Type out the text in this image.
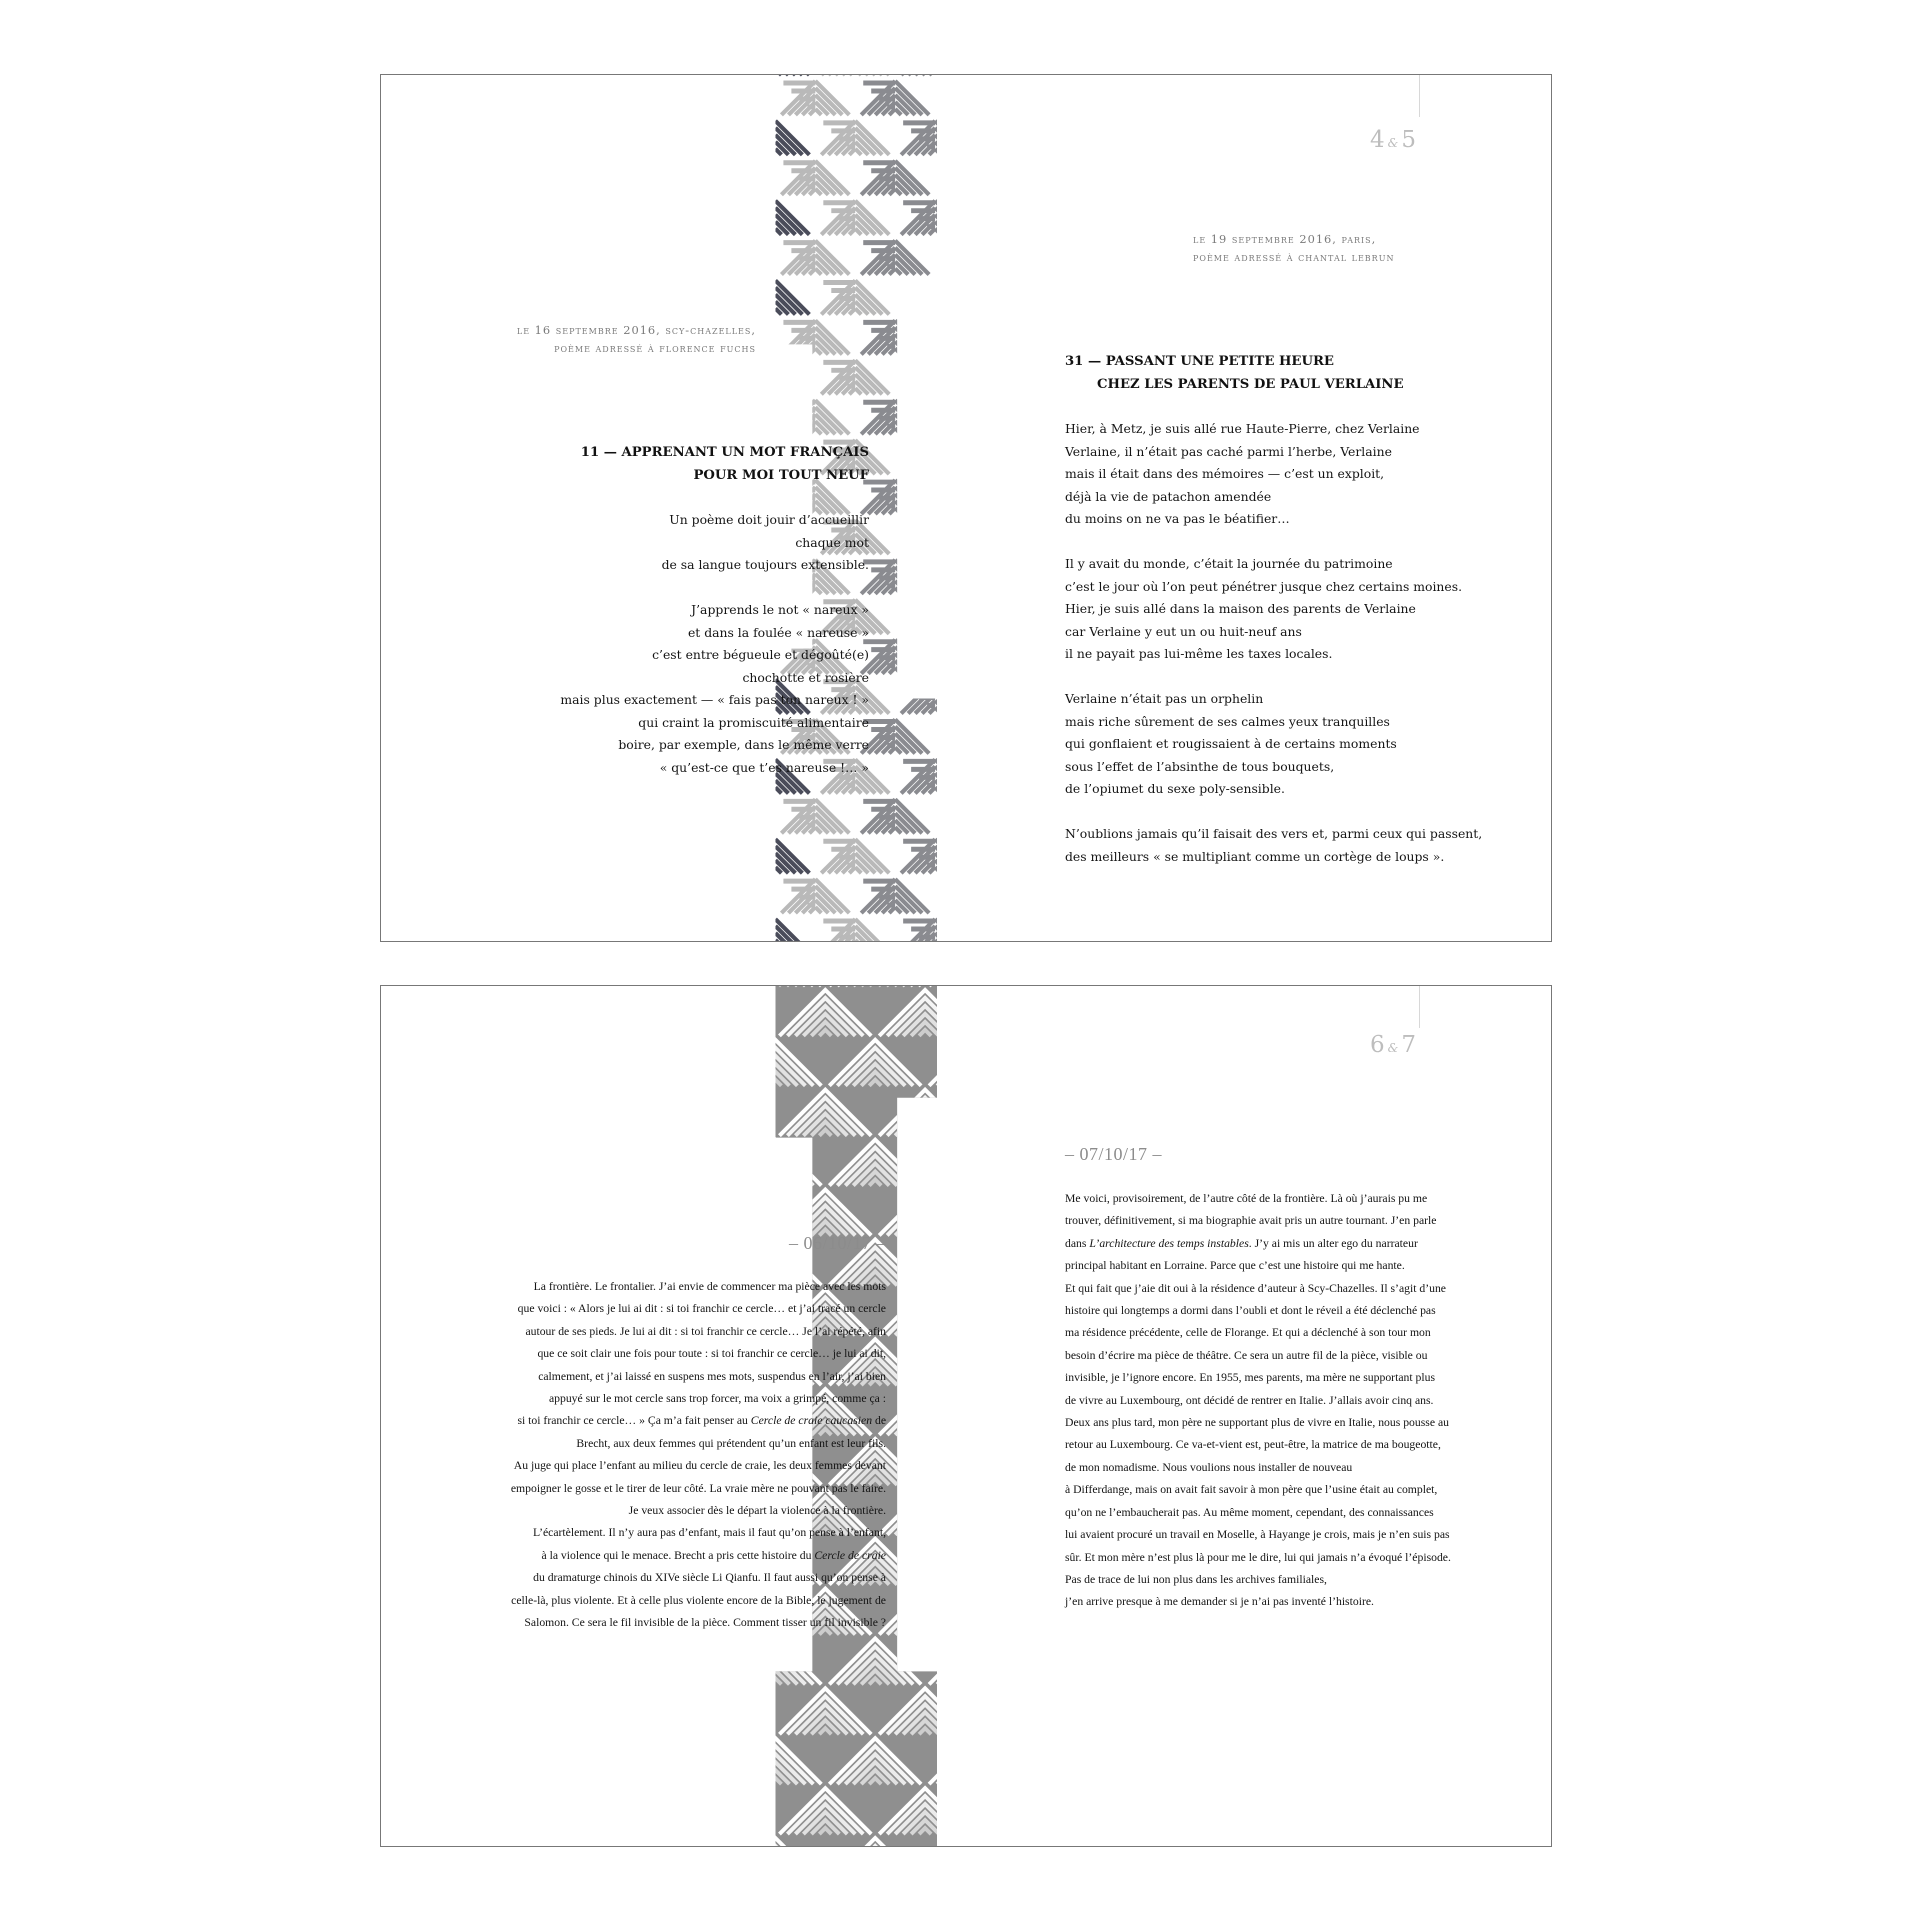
4 & 5
le 16 septembre 2016, scy-chazelles,
poème adressé à florence fuchs
11 — APPRENANT UN MOT FRANÇAIS
POUR MOI TOUT NEUF
Un poème doit jouir d’accueillir
chaque mot
de sa langue toujours extensible.

J’apprends le not « nareux »
et dans la foulée « nareuse »
c’est entre bégueule et dégoûté(e)
chochotte et rosière
mais plus exactement — « fais pas ton nareux ! »
qui craint la promiscuité alimentaire
boire, par exemple, dans le même verre
« qu’est-ce que t’es nareuse !… »
le 19 septembre 2016, paris,
poème adressé à chantal lebrun
31 — PASSANT UNE PETITE HEURE
CHEZ LES PARENTS DE PAUL VERLAINE
Hier, à Metz, je suis allé rue Haute-Pierre, chez Verlaine
Verlaine, il n’était pas caché parmi l’herbe, Verlaine
mais il était dans des mémoires — c’est un exploit,
déjà la vie de patachon amendée
du moins on ne va pas le béatifier…

Il y avait du monde, c’était la journée du patrimoine
c’est le jour où l’on peut pénétrer jusque chez certains moines.
Hier, je suis allé dans la maison des parents de Verlaine
car Verlaine y eut un ou huit-neuf ans
il ne payait pas lui-même les taxes locales.

Verlaine n’était pas un orphelin
mais riche sûrement de ses calmes yeux tranquilles
qui gonflaient et rougissaient à de certains moments
sous l’effet de l’absinthe de tous bouquets,
de l’opiumet du sexe poly-sensible.

N’oublions jamais qu’il faisait des vers et, parmi ceux qui passent,
des meilleurs « se multipliant comme un cortège de loups ».
6 & 7
– 06/10/17 –
La frontière. Le frontalier. J’ai envie de commencer ma pièce avec les mots
que voici : « Alors je lui ai dit : si toi franchir ce cercle… et j’ai tracé un cercle
autour de ses pieds. Je lui ai dit : si toi franchir ce cercle… Je l’ai répété, afin
que ce soit clair une fois pour toute : si toi franchir ce cercle… je lui ai dit,
calmement, et j’ai laissé en suspens mes mots, suspendus en l’air, j’ai bien
appuyé sur le mot cercle sans trop forcer, ma voix a grimpé, comme ça :
si toi franchir ce cercle… » Ça m’a fait penser au Cercle de craie caucasien de
Brecht, aux deux femmes qui prétendent qu’un enfant est leur fils.
Au juge qui place l’enfant au milieu du cercle de craie, les deux femmes devant
empoigner le gosse et le tirer de leur côté. La vraie mère ne pouvant pas le faire.
Je veux associer dès le départ la violence à la frontière.
L’écartèlement. Il n’y aura pas d’enfant, mais il faut qu’on pense à l’enfant,
à la violence qui le menace. Brecht a pris cette histoire du Cercle de craie
du dramaturge chinois du XIVe siècle Li Qianfu. Il faut aussi qu’on pense à
celle-là, plus violente. Et à celle plus violente encore de la Bible, le jugement de
Salomon. Ce sera le fil invisible de la pièce. Comment tisser un fil invisible ?
– 07/10/17 –
Me voici, provisoirement, de l’autre côté de la frontière. Là où j’aurais pu me
trouver, définitivement, si ma biographie avait pris un autre tournant. J’en parle
dans L’architecture des temps instables. J’y ai mis un alter ego du narrateur
principal habitant en Lorraine. Parce que c’est une histoire qui me hante.
Et qui fait que j’aie dit oui à la résidence d’auteur à Scy-Chazelles. Il s’agit d’une
histoire qui longtemps a dormi dans l’oubli et dont le réveil a été déclenché pas
ma résidence précédente, celle de Florange. Et qui a déclenché à son tour mon
besoin d’écrire ma pièce de théâtre. Ce sera un autre fil de la pièce, visible ou
invisible, je l’ignore encore. En 1955, mes parents, ma mère ne supportant plus
de vivre au Luxembourg, ont décidé de rentrer en Italie. J’allais avoir cinq ans.
Deux ans plus tard, mon père ne supportant plus de vivre en Italie, nous pousse au
retour au Luxembourg. Ce va-et-vient est, peut-être, la matrice de ma bougeotte,
de mon nomadisme. Nous voulions nous installer de nouveau
à Differdange, mais on avait fait savoir à mon père que l’usine était au complet,
qu’on ne l’embaucherait pas. Au même moment, cependant, des connaissances
lui avaient procuré un travail en Moselle, à Hayange je crois, mais je n’en suis pas
sûr. Et mon mère n’est plus là pour me le dire, lui qui jamais n’a évoqué l’épisode.
Pas de trace de lui non plus dans les archives familiales,
j’en arrive presque à me demander si je n’ai pas inventé l’histoire.
